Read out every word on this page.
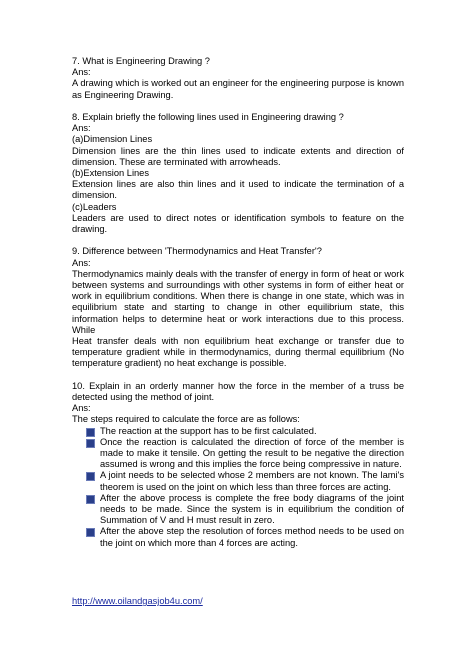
7. What is Engineering Drawing ?

Ans:

A drawing which is worked out an engineer for the engineering purpose is known as Engineering Drawing.

8. Explain briefly the following lines used in Engineering drawing ?

Ans:

(a)Dimension Lines

Dimension lines are the thin lines used to indicate extents and direction of dimension. These are terminated with arrowheads.

(b)Extension Lines

Extension lines are also thin lines and it used to indicate the termination of a dimension.

(c)Leaders

Leaders are used to direct notes or identification symbols to feature on the drawing.

9. Difference between 'Thermodynamics and Heat Transfer'?

Ans:

Thermodynamics mainly deals with the transfer of energy in form of heat or work between systems and surroundings with other systems in form of either heat or work in equilibrium conditions. When there is change in one state, which was in equilibrium state and starting to change in other equilibrium state, this information helps to determine heat or work interactions due to this process. While

Heat transfer deals with non equilibrium heat exchange or transfer due to temperature gradient while in thermodynamics, during thermal equilibrium (No temperature gradient) no heat exchange is possible.

10. Explain in an orderly manner how the force in the member of a truss be detected using the method of joint.

Ans:

The steps required to calculate the force are as follows:

The reaction at the support has to be first calculated.
Once the reaction is calculated the direction of force of the member is made to make it tensile. On getting the result to be negative the direction assumed is wrong and this implies the force being compressive in nature.
A joint needs to be selected whose 2 members are not known. The lami's theorem is used on the joint on which less than three forces are acting.
After the above process is complete the free body diagrams of the joint needs to be made. Since the system is in equilibrium the condition of Summation of V and H must result in zero.
After the above step the resolution of forces method needs to be used on the joint on which more than 4 forces are acting.
http://www.oilandgasjob4u.com/
